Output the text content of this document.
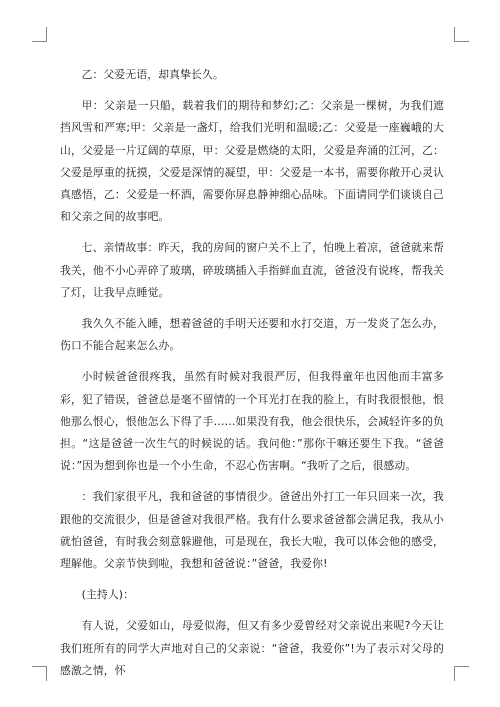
乙：父爱无语，却真挚长久。

甲：父亲是一只船，载着我们的期待和梦幻;乙：父亲是一棵树，为我们遮挡风雪和严寒;甲：父亲是一盏灯，给我们光明和温暖;乙：父爱是一座巍峨的大山，父爱是一片辽阔的草原，甲：父爱是燃烧的太阳，父爱是奔涌的江河，乙：父爱是厚重的抚摸，父爱是深情的凝望，甲：父爱是一本书，需要你敞开心灵认真感悟，乙：父爱是一杯酒，需要你屏息静神细心品味。下面请同学们谈谈自己和父亲之间的故事吧。

七、亲情故事：昨天，我的房间的窗户关不上了，怕晚上着凉，爸爸就来帮我关，他不小心弄碎了玻璃，碎玻璃插入手指鲜血直流，爸爸没有说疼，帮我关了灯，让我早点睡觉。

我久久不能入睡，想着爸爸的手明天还要和水打交道，万一发炎了怎么办，伤口不能合起来怎么办。

小时候爸爸很疼我，虽然有时候对我很严厉，但我得童年也因他而丰富多彩，犯了错误，爸爸总是毫不留情的一个耳光打在我的脸上，有时我很恨他，恨他那么恨心，恨他怎么下得了手……如果没有我，他会很快乐，会减轻许多的负担。“这是爸爸一次生气的时候说的话。我问他：”那你干嘛还要生下我。“爸爸说：”因为想到你也是一个小生命，不忍心伤害啊。“我听了之后，很感动。

：我们家很平凡，我和爸爸的事情很少。爸爸出外打工一年只回来一次，我跟他的交流很少，但是爸爸对我很严格。我有什么要求爸爸都会满足我，我从小就怕爸爸，有时我会刻意躲避他，可是现在，我长大啦，我可以体会他的感受，理解他。父亲节快到啦，我想和爸爸说：”爸爸，我爱你!

(主持人)：

有人说，父爱如山，母爱似海，但又有多少爱曾经对父亲说出来呢?今天让我们班所有的同学大声地对自己的父亲说：“爸爸，我爱你”!为了表示对父母的感激之情，怀
